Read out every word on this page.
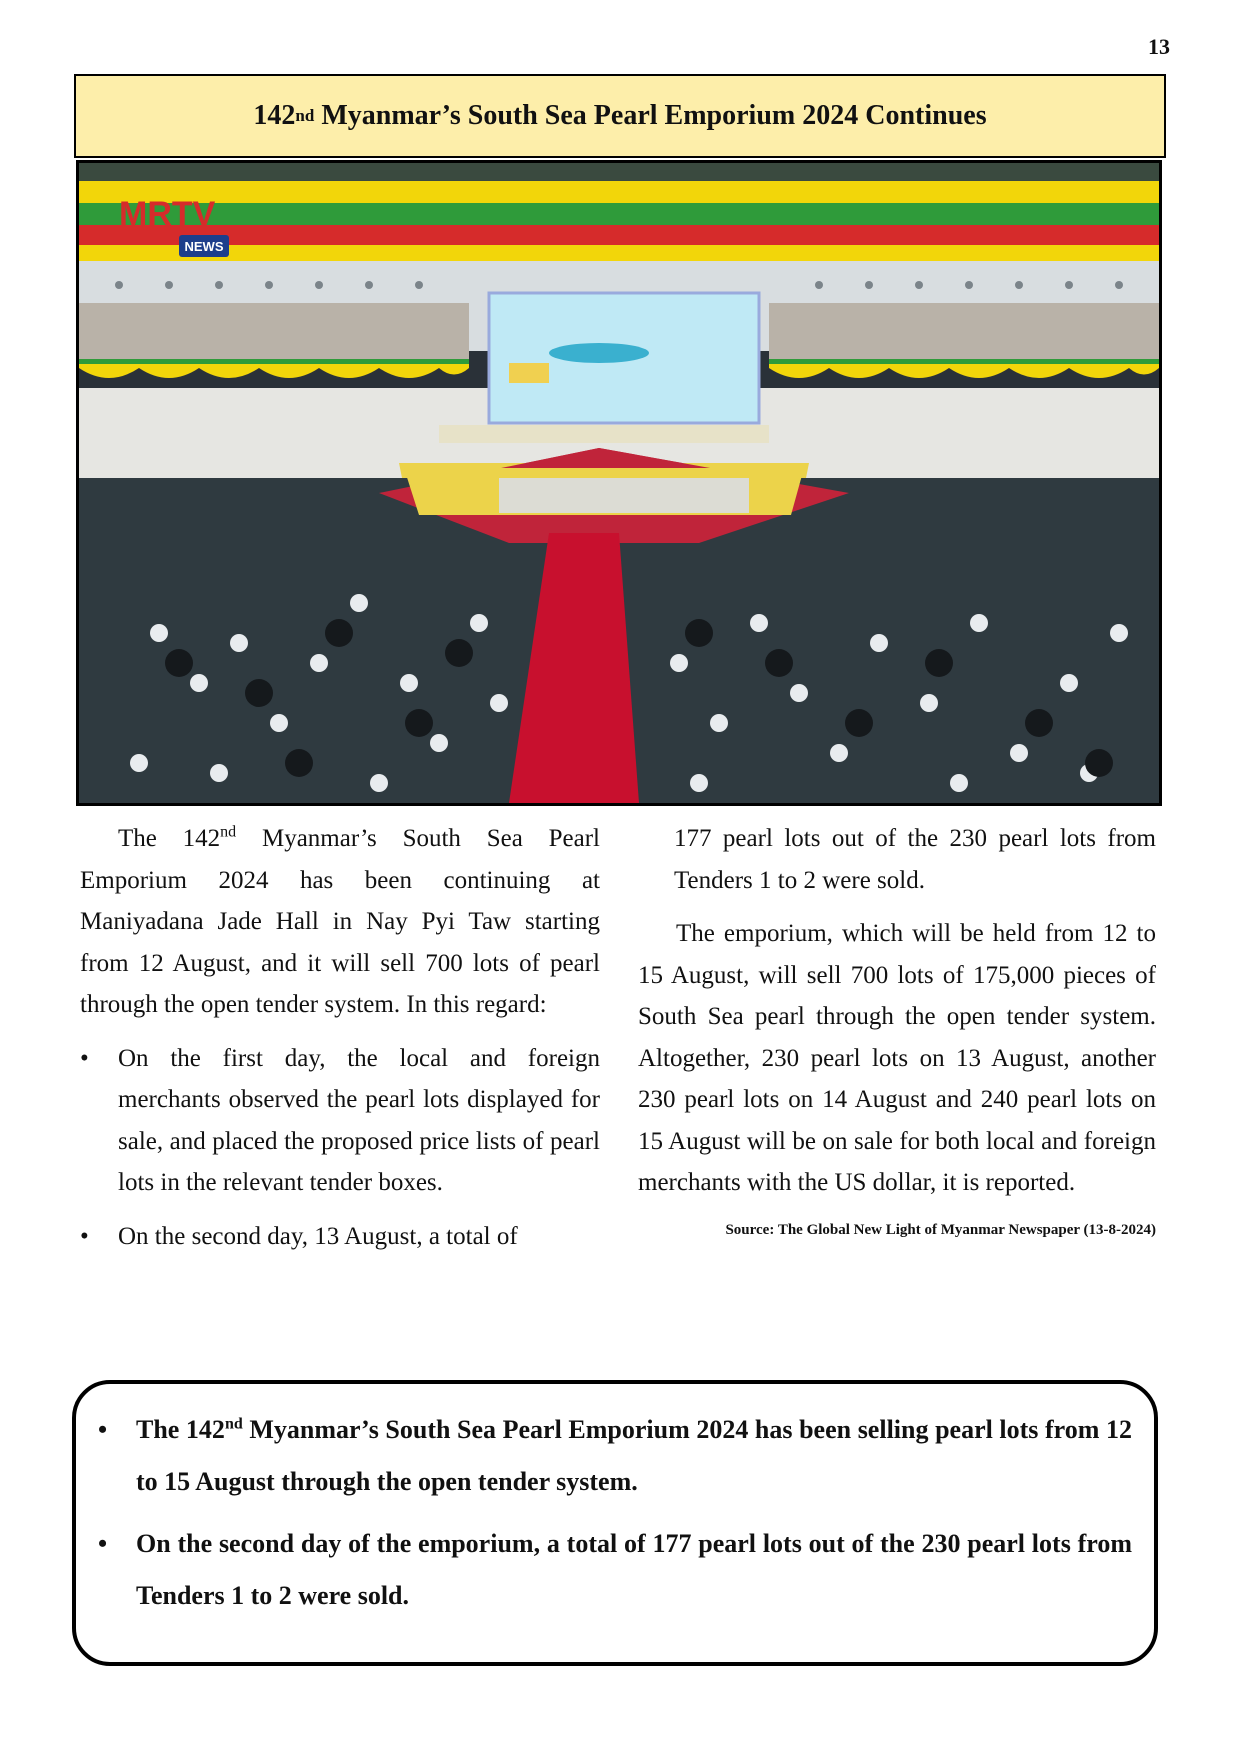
13
142 nd Myanmar’s South Sea Pearl Emporium 2024 Continues
MRTV
NEWS

The 142nd Myanmar’s South Sea Pearl Emporium 2024 has been continuing at Maniyadana Jade Hall in Nay Pyi Taw starting from 12 August, and it will sell 700 lots of pearl through the open tender system. In this regard:

• On the first day, the local and foreign merchants observed the pearl lots displayed for sale, and placed the proposed price lists of pearl lots in the relevant tender boxes.
• On the second day, 13 August, a total of

177 pearl lots out of the 230 pearl lots from Tenders 1 to 2 were sold.

The emporium, which will be held from 12 to 15 August, will sell 700 lots of 175,000 pieces of South Sea pearl through the open tender system. Altogether, 230 pearl lots on 13 August, another 230 pearl lots on 14 August and 240 pearl lots on 15 August will be on sale for both local and foreign merchants with the US dollar, it is reported.

Source: The Global New Light of Myanmar Newspaper (13-8-2024)
• The 142nd Myanmar’s South Sea Pearl Emporium 2024 has been selling pearl lots from 12 to 15 August through the open tender system.
• On the second day of the emporium, a total of 177 pearl lots out of the 230 pearl lots from Tenders 1 to 2 were sold.
